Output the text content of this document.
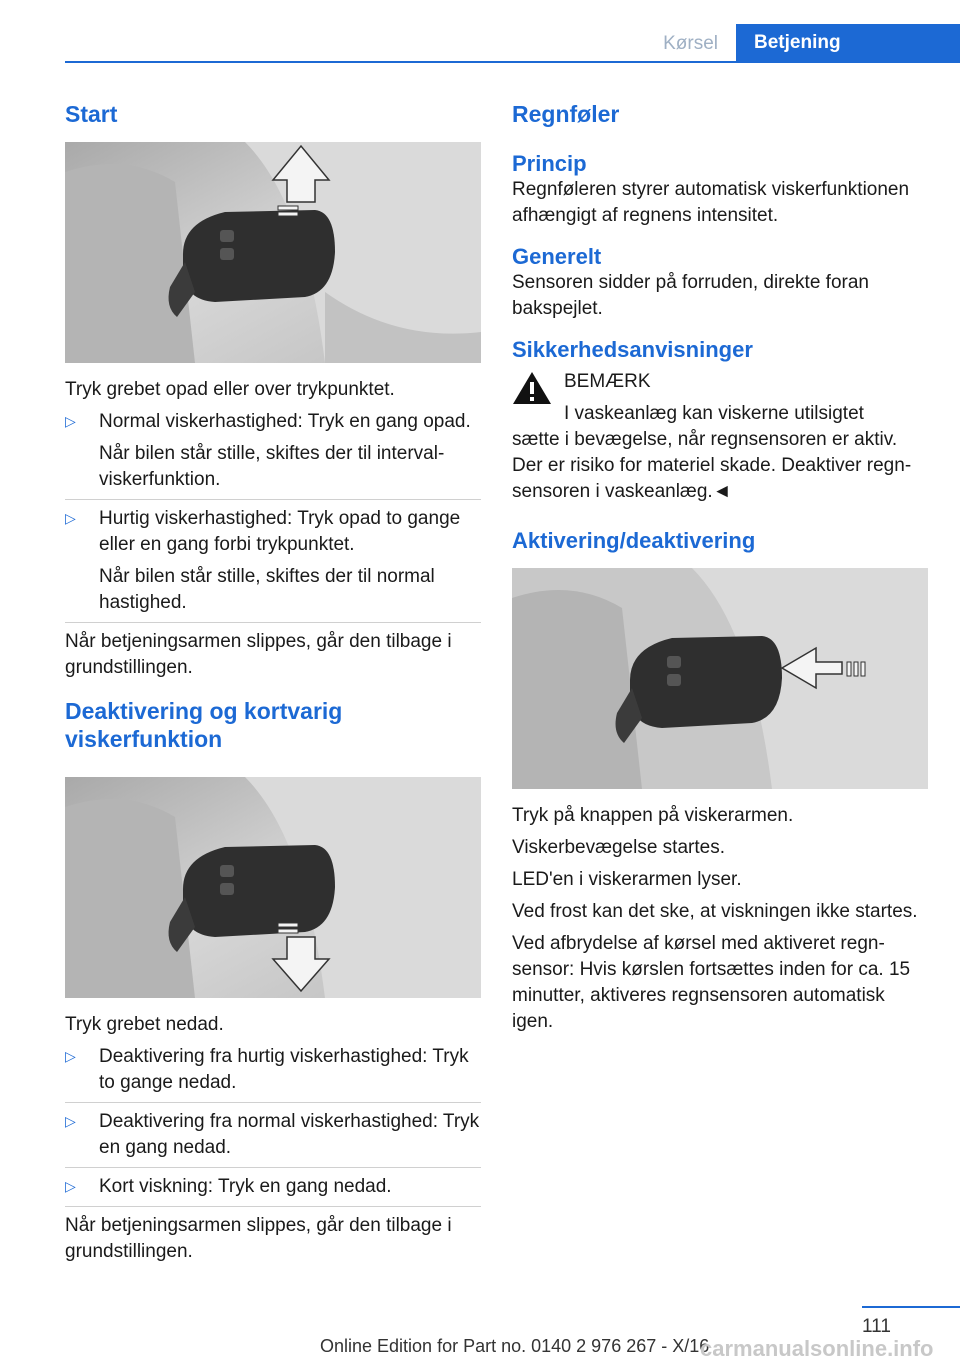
Kørsel	Betjening
Start

Tryk grebet opad eller over trykpunktet.

▷ Normal viskerhastighed: Tryk en gang opad.

Når bilen står stille, skiftes der til intervalviskerfunktion.

▷ Hurtig viskerhastighed: Tryk opad to gange eller en gang forbi trykpunktet.

Når bilen står stille, skiftes der til normal hastighed.

Når betjeningsarmen slippes, går den tilbage i grundstillingen.

Deaktivering og kortvarig viskerfunktion

Tryk grebet nedad.

▷ Deaktivering fra hurtig viskerhastighed: Tryk to gange nedad.

▷ Deaktivering fra normal viskerhastighed: Tryk en gang nedad.

▷ Kort viskning: Tryk en gang nedad.

Når betjeningsarmen slippes, går den tilbage i grundstillingen.

Regnføler
Princip

Regnføleren styrer automatisk viskerfunktionen afhængigt af regnens intensitet.

Generelt

Sensoren sidder på forruden, direkte foran bakspejlet.

Sikkerhedsanvisninger

BEMÆRK

I vaskeanlæg kan viskerne utilsigtet

sætte i bevægelse, når regnsensoren er aktiv. Der er risiko for materiel skade. Deaktiver regnsensoren i vaskeanlæg.◄

Aktivering/deaktivering

Tryk på knappen på viskerarmen.

Viskerbevægelse startes.

LED'en i viskerarmen lyser.

Ved frost kan det ske, at viskningen ikke startes.

Ved afbrydelse af kørsel med aktiveret regnsensor: Hvis kørslen fortsættes inden for ca. 15 minutter, aktiveres regnsensoren automatisk igen.

111
Online Edition for Part no. 0140 2 976 267 - X/16
carmanualsonline.info
